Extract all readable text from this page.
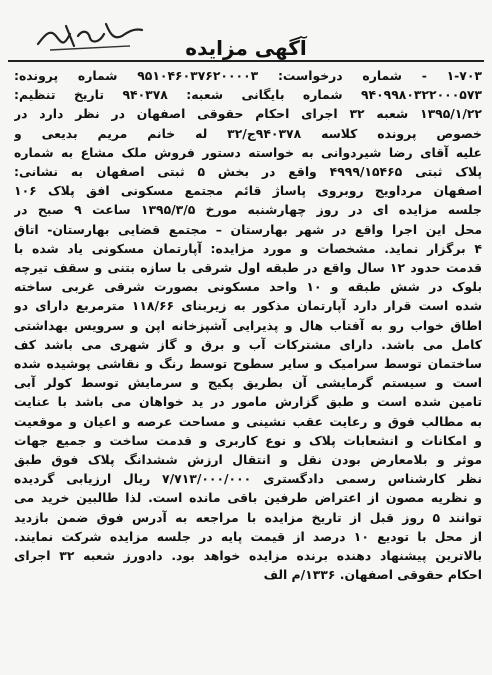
آگهی مزایده
۱-۷۰۳ - شماره درخواست: ۹۵۱۰۴۶۰۳۷۶۲۰۰۰۰۳ شماره پرونده:
۹۴۰۹۹۸۰۳۲۲۰۰۰۵۷۳ شماره بایگانی شعبه: ۹۴۰۳۷۸ تاریخ تنظیم:
۱۳۹۵/۱/۲۲ شعبه ۳۲ اجرای احکام حقوقی اصفهان در نظر دارد در
خصوص پرونده کلاسه ۹۴۰۳۷۸ج/۳۲ له خانم مریم بدیعی و
علیه آقای رضا شیردوانی به خواسته دستور فروش ملک مشاع به شماره
پلاک ثبتی ۴۹۹۹/۱۵۴۶۵ واقع در بخش ۵ ثبتی اصفهان به نشانی:
اصفهان مرداویج روبروی پاساژ قائم مجتمع مسکونی افق پلاک ۱۰۶
جلسه مزایده ای در روز چهارشنبه مورخ ۱۳۹۵/۳/۵ ساعت ۹ صبح در
محل این اجرا واقع در شهر بهارستان – مجتمع قضایی بهارستان- اتاق
۴ برگزار نماید. مشخصات و مورد مزایده: آپارتمان مسکونی یاد شده با
قدمت حدود ۱۲ سال واقع در طبقه اول شرقی با سازه بتنی و سقف تیرچه
بلوک در شش طبقه و ۱۰ واحد مسکونی بصورت شرقی غربی ساخته
شده است قرار دارد آپارتمان مذکور به زیربنای ۱۱۸/۶۶ مترمربع دارای دو
اطاق خواب رو به آفتاب هال و پذیرایی آشپزخانه اپن و سرویس بهداشتی
کامل می باشد. دارای مشترکات آب و برق و گاز شهری می باشد کف
ساختمان توسط سرامیک و سایر سطوح توسط رنگ و نقاشی پوشیده شده
است و سیستم گرمایشی آن بطریق پکیج و سرمایش توسط کولر آبی
تامین شده است و طبق گزارش مامور در ید خواهان می باشد با عنایت
به مطالب فوق و رعایت عقب نشینی و مساحت عرصه و اعیان و موقعیت
و امکانات و انشعابات پلاک و نوع کاربری و قدمت ساخت و جمیع جهات
موثر و بلامعارض بودن نقل و انتقال ارزش ششدانگ پلاک فوق طبق
نظر کارشناس رسمی دادگستری ۷/۷۱۳/۰۰۰/۰۰۰ ریال ارزیابی گردیده
و نظریه مصون از اعتراض طرفین باقی مانده است. لذا طالبین خرید می
توانند ۵ روز قبل از تاریخ مزایده با مراجعه به آدرس فوق ضمن بازدید
از محل با تودیع ۱۰ درصد از قیمت پایه در جلسه مزایده شرکت نمایند.
بالاترین پیشنهاد دهنده برنده مزایده خواهد بود. دادورز شعبه ۳۲ اجرای
احکام حقوقی اصفهان. ۱۳۳۶/م الف
